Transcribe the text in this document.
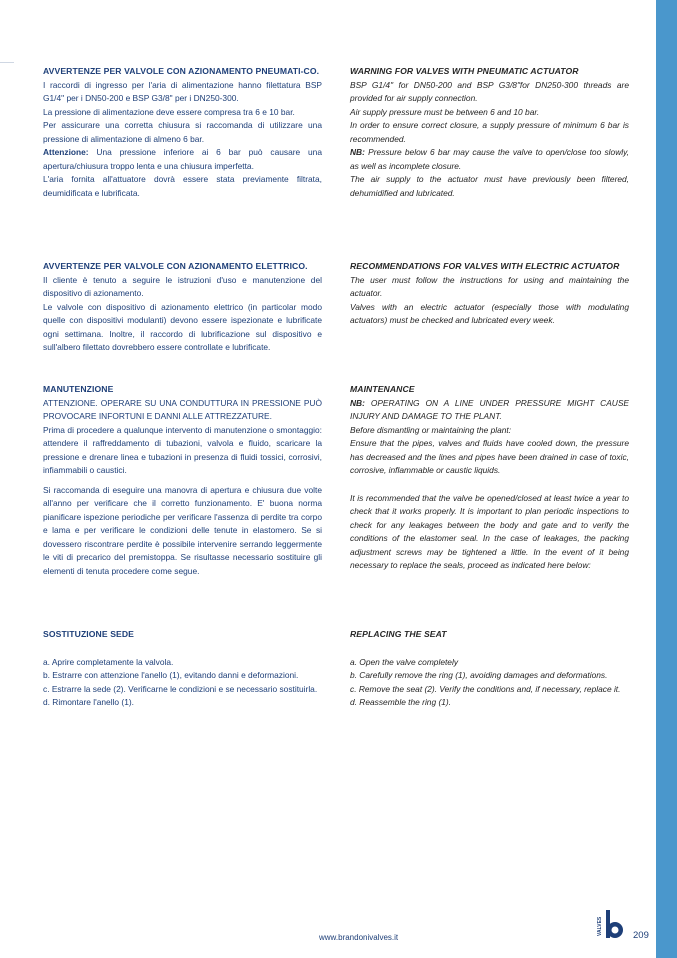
AVVERTENZE PER VALVOLE CON AZIONAMENTO PNEUMATI-CO.

I raccordi di ingresso per l'aria di alimentazione hanno filettatura BSP G1/4" per i DN50-200 e BSP G3/8" per i DN250-300.

La pressione di alimentazione deve essere compresa tra 6 e 10 bar.

Per assicurare una corretta chiusura si raccomanda di utilizzare una pressione di alimentazione di almeno 6 bar.

Attenzione: Una pressione inferiore ai 6 bar può causare una apertura/chiusura troppo lenta e una chiusura imperfetta.

L'aria fornita all'attuatore dovrà essere stata previamente filtrata, deumidificata e lubrificata.

AVVERTENZE PER VALVOLE CON AZIONAMENTO ELETTRICO.

Il cliente è tenuto a seguire le istruzioni d'uso e manutenzione del dispositivo di azionamento.

Le valvole con dispositivo di azionamento elettrico (in particolar modo quelle con dispositivi modulanti) devono essere ispezionate e lubrificate ogni settimana. Inoltre, il raccordo di lubrificazione sul dispositivo e sull'albero filettato dovrebbero essere controllate e lubrificate.

MANUTENZIONE

ATTENZIONE. OPERARE SU UNA CONDUTTURA IN PRESSIONE PUÒ PROVOCARE INFORTUNI E DANNI ALLE ATTREZZATURE.

Prima di procedere a qualunque intervento di manutenzione o smontaggio: attendere il raffreddamento di tubazioni, valvola e fluido, scaricare la pressione e drenare linea e tubazioni in presenza di fluidi tossici, corrosivi, infiammabili o caustici.

Si raccomanda di eseguire una manovra di apertura e chiusura due volte all'anno per verificare che il corretto funzionamento. E' buona norma pianificare ispezione periodiche per verificare l'assenza di perdite tra corpo e lama e per verificare le condizioni delle tenute in elastomero. Se si dovessero riscontrare perdite è possibile intervenire serrando leggermente le viti di precarico del premistoppa. Se risultasse necessario sostituire gli elementi di tenuta procedere come segue.

SOSTITUZIONE SEDE

a. Aprire completamente la valvola.

b. Estrarre con attenzione l'anello (1), evitando danni e deformazioni.

c. Estrarre la sede (2). Verificarne le condizioni e se necessario sostituirla.

d. Rimontare l'anello (1).

WARNING FOR VALVES WITH PNEUMATIC ACTUATOR

BSP G1/4" for DN50-200 and BSP G3/8"for DN250-300 threads are provided for air supply connection.

Air supply pressure must be between 6 and 10 bar.

In order to ensure correct closure, a supply pressure of minimum 6 bar is recommended.

NB: Pressure below 6 bar may cause the valve to open/close too slowly, as well as incomplete closure.

The air supply to the actuator must have previously been filtered, dehumidified and lubricated.

RECOMMENDATIONS FOR VALVES WITH ELECTRIC ACTUATOR

The user must follow the instructions for using and maintaining the actuator.

Valves with an electric actuator (especially those with modulating actuators) must be checked and lubricated every week.

MAINTENANCE

NB: OPERATING ON A LINE UNDER PRESSURE MIGHT CAUSE INJURY AND DAMAGE TO THE PLANT.

Before dismantling or maintaining the plant:

Ensure that the pipes, valves and fluids have cooled down, the pressure has decreased and the lines and pipes have been drained in case of toxic, corrosive, inflammable or caustic liquids.

It is recommended that the valve be opened/closed at least twice a year to check that it works properly. It is important to plan periodic inspections to check for any leakages between the body and gate and to verify the conditions of the elastomer seal. In the case of leakages, the packing adjustment screws may be tightened a little. In the event of it being necessary to replace the seals, proceed as indicated here below:

REPLACING THE SEAT

a. Open the valve completely

b. Carefully remove the ring (1), avoiding damages and deformations.

c. Remove the seat (2). Verify the conditions and, if necessary, replace it.

d. Reassemble the ring (1).

www.brandonivalves.it
VALVES	209
